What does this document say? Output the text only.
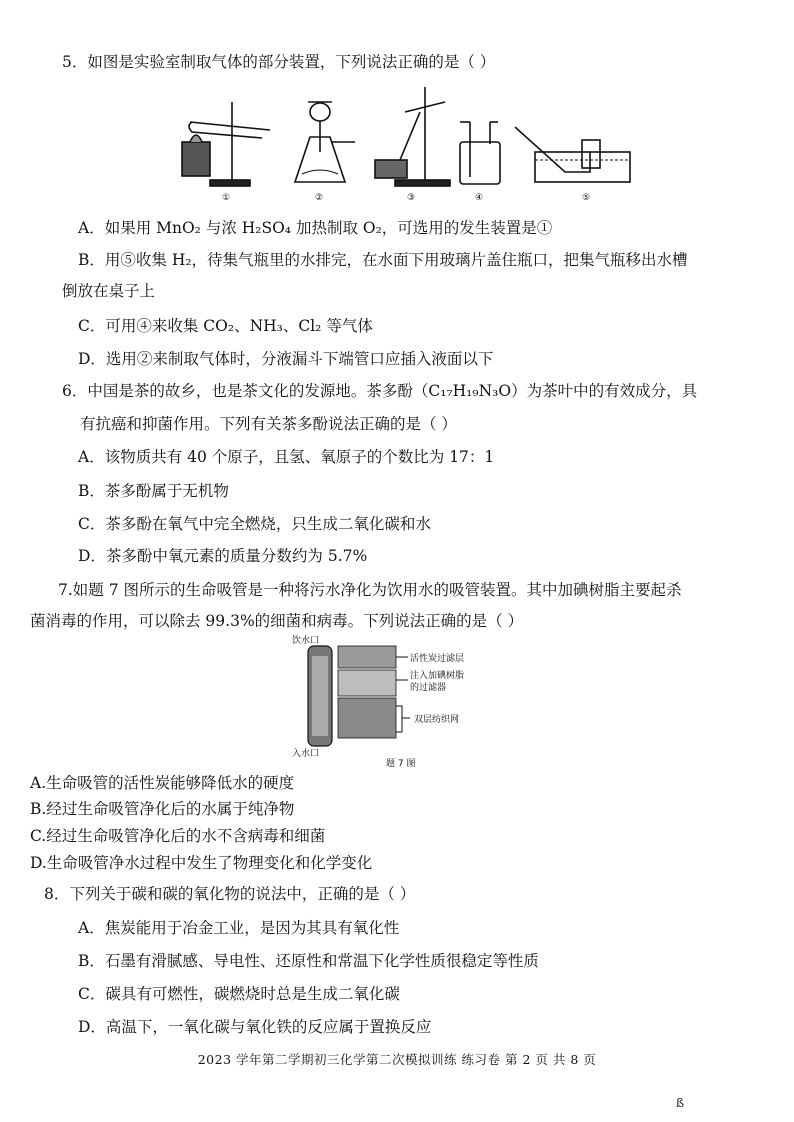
5．如图是实验室制取气体的部分装置，下列说法正确的是（ ）
①	②	③	④	⑤
A．如果用 MnO₂ 与浓 H₂SO₄ 加热制取 O₂，可选用的发生装置是①
B．用⑤收集 H₂，待集气瓶里的水排完，在水面下用玻璃片盖住瓶口，把集气瓶移出水槽
倒放在桌子上
C．可用④来收集 CO₂、NH₃、Cl₂ 等气体
D．选用②来制取气体时，分液漏斗下端管口应插入液面以下
6．中国是茶的故乡，也是茶文化的发源地。茶多酚（C₁₇H₁₉N₃O）为茶叶中的有效成分，具
有抗癌和抑菌作用。下列有关茶多酚说法正确的是（ ）
A．该物质共有 40 个原子，且氢、氧原子的个数比为 17：1
B．茶多酚属于无机物
C．茶多酚在氧气中完全燃烧，只生成二氧化碳和水
D．茶多酚中氧元素的质量分数约为 5.7%
7.如题 7 图所示的生命吸管是一种将污水净化为饮用水的吸管装置。其中加碘树脂主要起杀
菌消毒的作用，可以除去 99.3%的细菌和病毒。下列说法正确的是（ ）
饮水口
入水口
活性炭过滤层
注入加碘树脂
的过滤器
双层纺织网
题 7 图
A.生命吸管的活性炭能够降低水的硬度
B.经过生命吸管净化后的水属于纯净物
C.经过生命吸管净化后的水不含病毒和细菌
D.生命吸管净水过程中发生了物理变化和化学变化
8．下列关于碳和碳的氧化物的说法中，正确的是（ ）
A．焦炭能用于冶金工业，是因为其具有氧化性
B．石墨有滑腻感、导电性、还原性和常温下化学性质很稳定等性质
C．碳具有可燃性，碳燃烧时总是生成二氧化碳
D．高温下，一氧化碳与氧化铁的反应属于置换反应
2023 学年第二学期初三化学第二次模拟训练 练习卷 第 2 页 共 8 页
ß
